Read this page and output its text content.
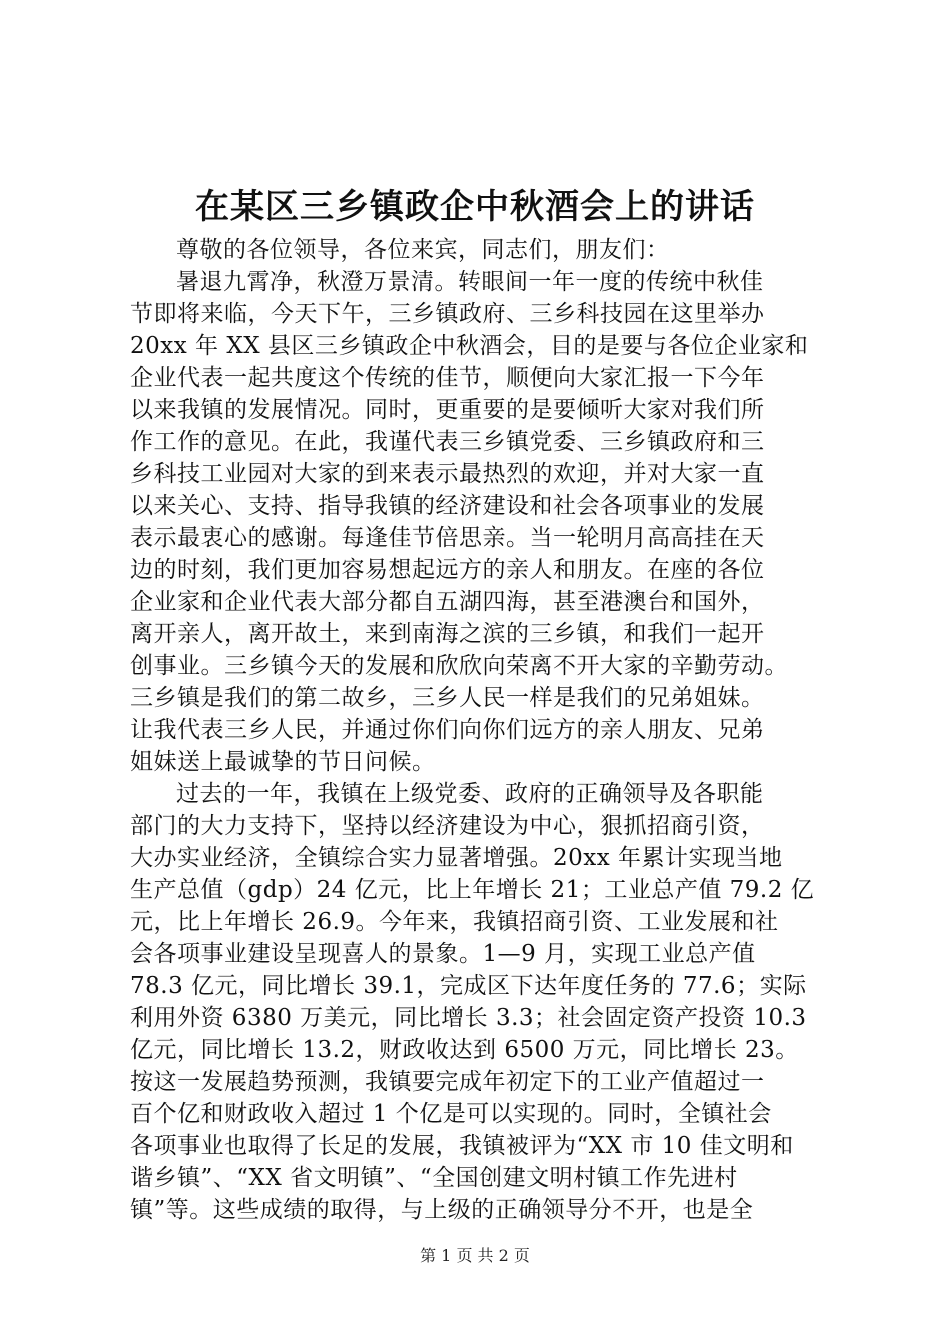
在某区三乡镇政企中秋酒会上的讲话
尊敬的各位领导，各位来宾，同志们，朋友们：
暑退九霄净，秋澄万景清。转眼间一年一度的传统中秋佳
节即将来临，今天下午，三乡镇政府、三乡科技园在这里举办
20xx 年 XX 县区三乡镇政企中秋酒会，目的是要与各位企业家和
企业代表一起共度这个传统的佳节，顺便向大家汇报一下今年
以来我镇的发展情况。同时，更重要的是要倾听大家对我们所
作工作的意见。在此，我谨代表三乡镇党委、三乡镇政府和三
乡科技工业园对大家的到来表示最热烈的欢迎，并对大家一直
以来关心、支持、指导我镇的经济建设和社会各项事业的发展
表示最衷心的感谢。每逢佳节倍思亲。当一轮明月高高挂在天
边的时刻，我们更加容易想起远方的亲人和朋友。在座的各位
企业家和企业代表大部分都自五湖四海，甚至港澳台和国外，
离开亲人，离开故土，来到南海之滨的三乡镇，和我们一起开
创事业。三乡镇今天的发展和欣欣向荣离不开大家的辛勤劳动。
三乡镇是我们的第二故乡，三乡人民一样是我们的兄弟姐妹。
让我代表三乡人民，并通过你们向你们远方的亲人朋友、兄弟
姐妹送上最诚挚的节日问候。
过去的一年，我镇在上级党委、政府的正确领导及各职能
部门的大力支持下，坚持以经济建设为中心，狠抓招商引资，
大办实业经济，全镇综合实力显著增强。20xx 年累计实现当地
生产总值（gdp）24 亿元，比上年增长 21；工业总产值 79.2 亿
元，比上年增长 26.9。今年来，我镇招商引资、工业发展和社
会各项事业建设呈现喜人的景象。1—9 月，实现工业总产值
78.3 亿元，同比增长 39.1，完成区下达年度任务的 77.6；实际
利用外资 6380 万美元，同比增长 3.3；社会固定资产投资 10.3
亿元，同比增长 13.2，财政收达到 6500 万元，同比增长 23。
按这一发展趋势预测，我镇要完成年初定下的工业产值超过一
百个亿和财政收入超过 1 个亿是可以实现的。同时，全镇社会
各项事业也取得了长足的发展，我镇被评为“XX 市 10 佳文明和
谐乡镇”、“XX 省文明镇”、“全国创建文明村镇工作先进村
镇”等。这些成绩的取得，与上级的正确领导分不开，也是全
第 1 页 共 2 页
